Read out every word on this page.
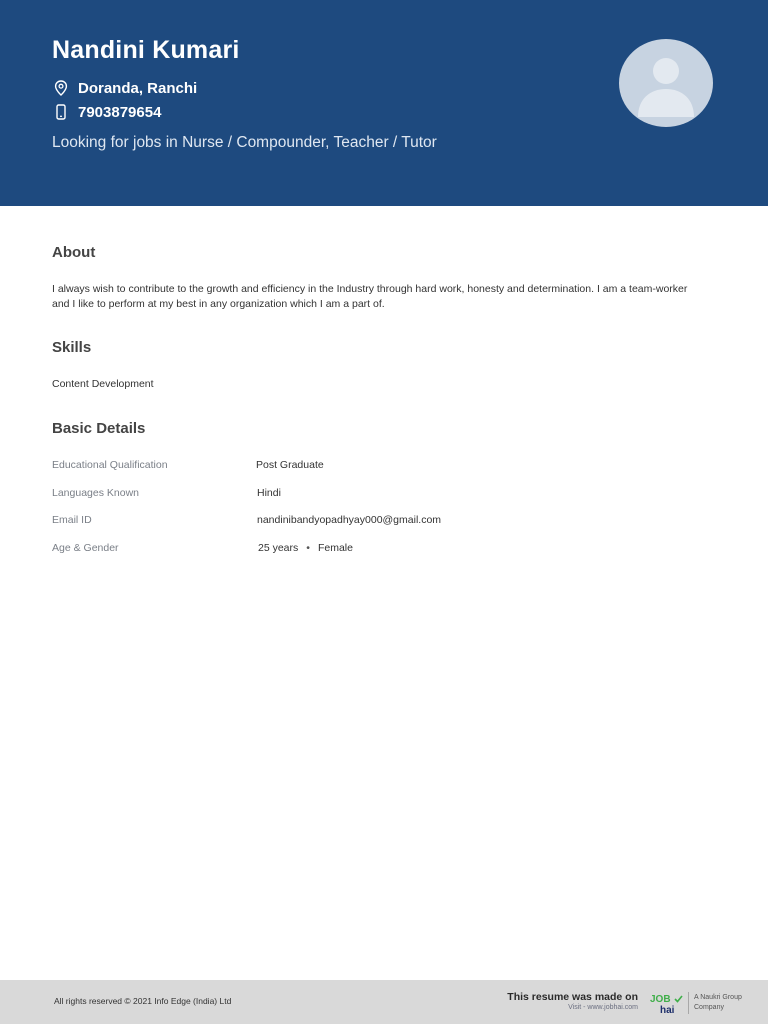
Nandini Kumari
Doranda, Ranchi
7903879654
Looking for jobs in Nurse / Compounder, Teacher / Tutor
About
I always wish to contribute to the growth and efficiency in the Industry through hard work, honesty and determination. I am a team-worker and I like to perform at my best in any organization which I am a part of.
Skills
Content Development
Basic Details
Educational Qualification	Post Graduate
Languages Known	Hindi
Email ID	nandinibandyopadhyay000@gmail.com
Age & Gender	25 years • Female
All rights reserved © 2021 Info Edge (India) Ltd	This resume was made on
Visit - www.jobhai.com
JOB
hai
A Naukri Group Company
